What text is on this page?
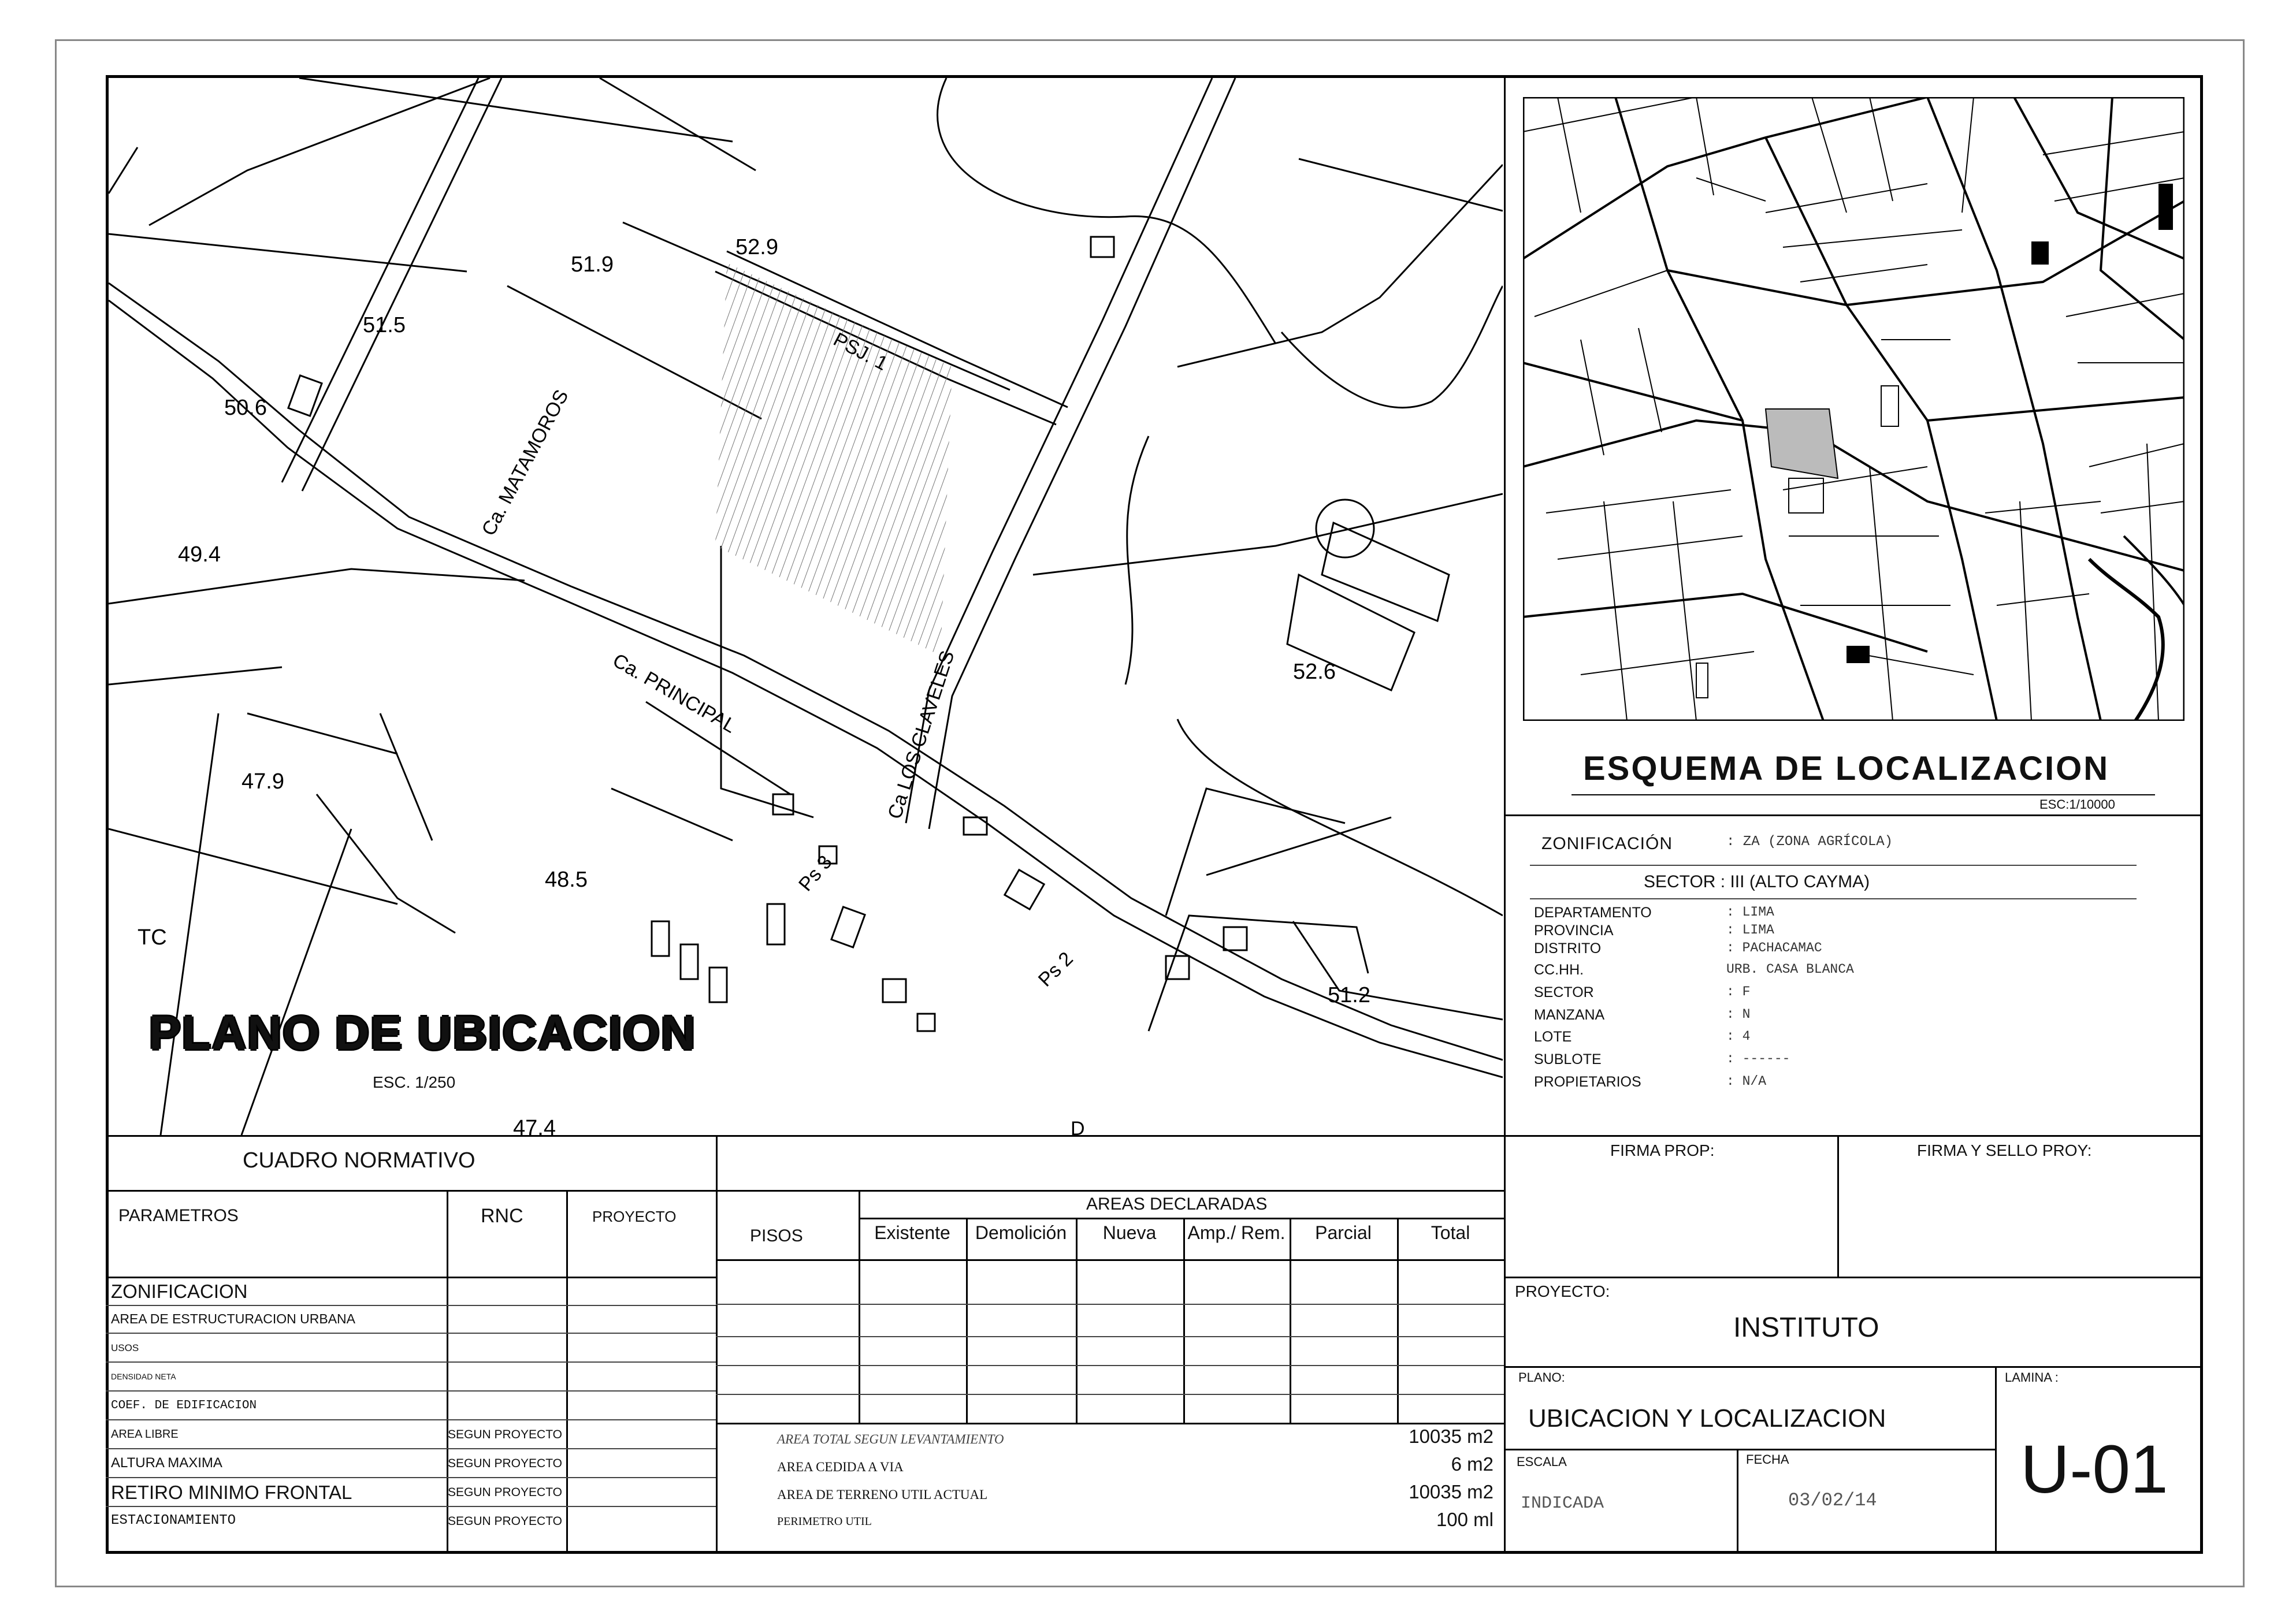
51.9
52.9
51.5
50.6
49.4
52.6
47.9
48.5
TC
51.2
47.4
Ca. MATAMOROS
PSJ. 1
Ca. PRINCIPAL	Ca LOS CLAVELES
Ps 3
Ps 2
D
PLANO DE UBICACION
ESC. 1/250
ESQUEMA DE LOCALIZACION
ESC:1/10000
ZONIFICACIÓN	: ZA (ZONA AGRÍCOLA)
SECTOR : III (ALTO CAYMA)
DEPARTAMENTO	: LIMA
PROVINCIA	: LIMA
DISTRITO	: PACHACAMAC
CC.HH.	URB. CASA BLANCA
SECTOR	: F
MANZANA	: N
LOTE	: 4
SUBLOTE	: ------
PROPIETARIOS	: N/A
CUADRO NORMATIVO
PARAMETROS	RNC	PROYECTO
ZONIFICACION
AREA DE ESTRUCTURACION URBANA
USOS
DENSIDAD NETA
COEF. DE EDIFICACION
AREA LIBRE	SEGUN PROYECTO
ALTURA MAXIMA	SEGUN PROYECTO
RETIRO MINIMO FRONTAL	SEGUN PROYECTO
ESTACIONAMIENTO	SEGUN PROYECTO
AREAS DECLARADAS
PISOS	Existente	Demolición	Nueva	Amp./ Rem.	Parcial	Total
AREA TOTAL SEGUN LEVANTAMIENTO	10035 m2
AREA CEDIDA A VIA	6 m2
AREA DE TERRENO UTIL ACTUAL	10035 m2
PERIMETRO UTIL	100 ml
FIRMA PROP:	FIRMA Y SELLO PROY:
PROYECTO:
INSTITUTO
PLANO:
UBICACION Y LOCALIZACION
LAMINA :
U-01
ESCALA
INDICADA
FECHA
03/02/14
